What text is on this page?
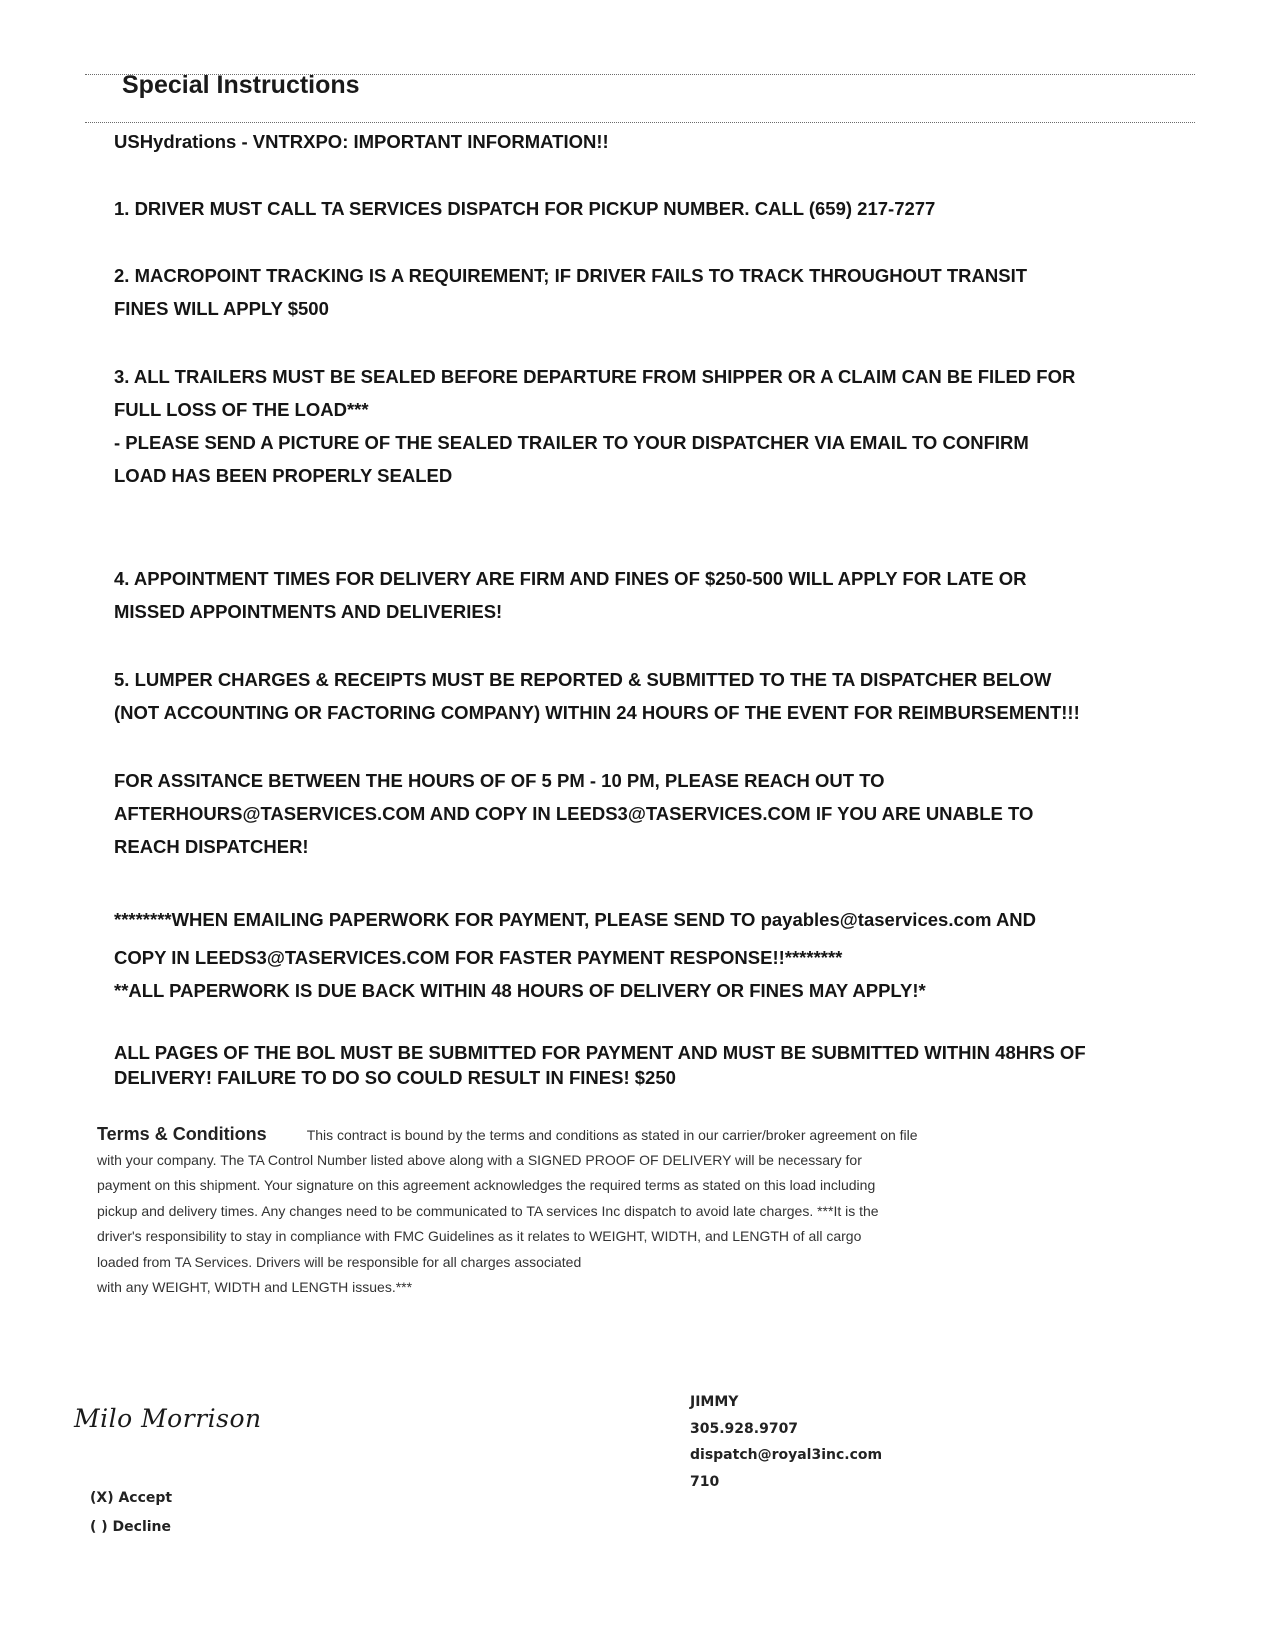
Special Instructions
USHydrations - VNTRXPO: IMPORTANT INFORMATION!!
1. DRIVER MUST CALL TA SERVICES DISPATCH FOR PICKUP NUMBER. CALL (659) 217-7277
2. MACROPOINT TRACKING IS A REQUIREMENT; IF DRIVER FAILS TO TRACK THROUGHOUT TRANSIT
FINES WILL APPLY $500
3. ALL TRAILERS MUST BE SEALED BEFORE DEPARTURE FROM SHIPPER OR A CLAIM CAN BE FILED FOR
FULL LOSS OF THE LOAD***
- PLEASE SEND A PICTURE OF THE SEALED TRAILER TO YOUR DISPATCHER VIA EMAIL TO CONFIRM
LOAD HAS BEEN PROPERLY SEALED
4. APPOINTMENT TIMES FOR DELIVERY ARE FIRM AND FINES OF $250-500 WILL APPLY FOR LATE OR
MISSED APPOINTMENTS AND DELIVERIES!
5. LUMPER CHARGES & RECEIPTS MUST BE REPORTED & SUBMITTED TO THE TA DISPATCHER BELOW
(NOT ACCOUNTING OR FACTORING COMPANY) WITHIN 24 HOURS OF THE EVENT FOR REIMBURSEMENT!!!
FOR ASSITANCE BETWEEN THE HOURS OF OF 5 PM - 10 PM, PLEASE REACH OUT TO
AFTERHOURS@TASERVICES.COM AND COPY IN LEEDS3@TASERVICES.COM IF YOU ARE UNABLE TO
REACH DISPATCHER!
********WHEN EMAILING PAPERWORK FOR PAYMENT, PLEASE SEND TO payables@taservices.com AND
COPY IN LEEDS3@TASERVICES.COM FOR FASTER PAYMENT RESPONSE!!********
**ALL PAPERWORK IS DUE BACK WITHIN 48 HOURS OF DELIVERY OR FINES MAY APPLY!*
ALL PAGES OF THE BOL MUST BE SUBMITTED FOR PAYMENT AND MUST BE SUBMITTED WITHIN 48HRS OF
DELIVERY! FAILURE TO DO SO COULD RESULT IN FINES! $250
Terms & Conditions	This contract is bound by the terms and conditions as stated in our carrier/broker agreement on file
with your company. The TA Control Number listed above along with a SIGNED PROOF OF DELIVERY will be necessary for
payment on this shipment. Your signature on this agreement acknowledges the required terms as stated on this load including
pickup and delivery times. Any changes need to be communicated to TA services Inc dispatch to avoid late charges. ***It is the
driver's responsibility to stay in compliance with FMC Guidelines as it relates to WEIGHT, WIDTH, and LENGTH of all cargo
loaded from TA Services. Drivers will be responsible for all charges associated
with any WEIGHT, WIDTH and LENGTH issues.***
Milo Morrison
(X) Accept
( ) Decline
JIMMY
305.928.9707
dispatch@royal3inc.com
710
